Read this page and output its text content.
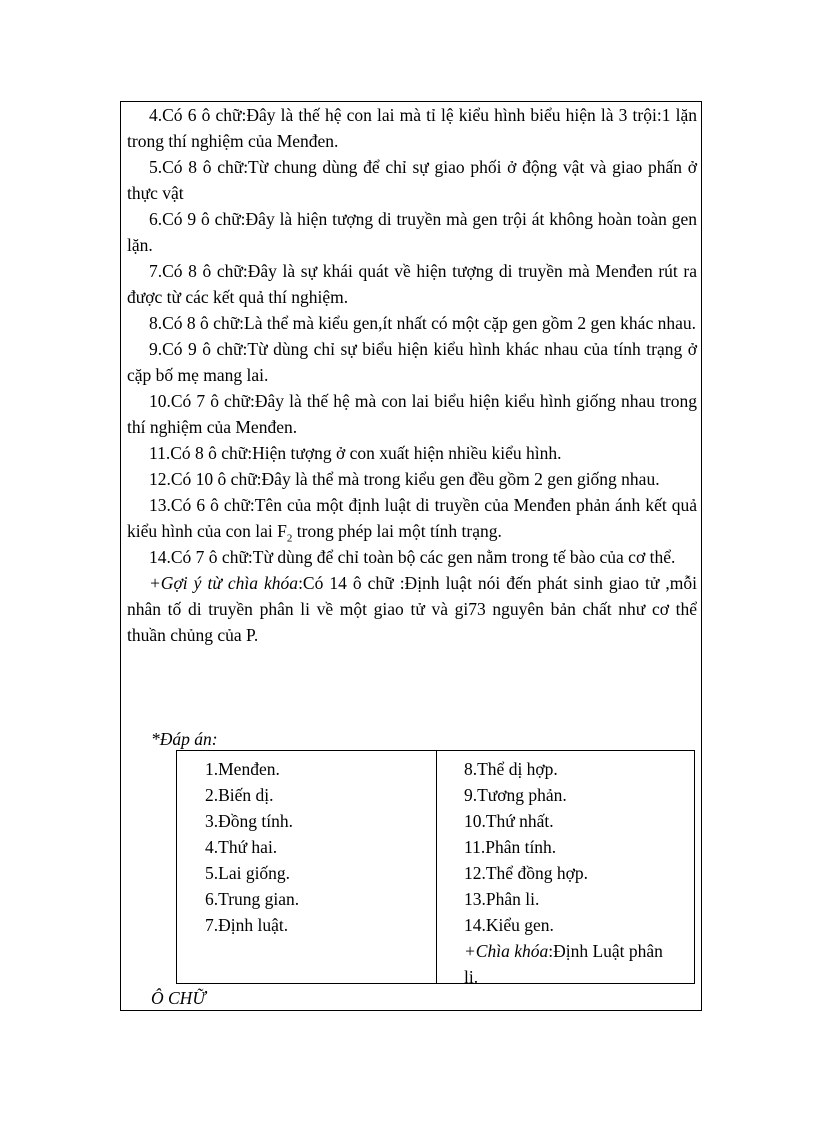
4.Có 6 ô chữ:Đây là thế hệ con lai mà tỉ lệ kiểu hình biểu hiện là 3 trội:1 lặn trong thí nghiệm của Menđen.

5.Có 8 ô chữ:Từ chung dùng để chỉ sự giao phối ở động vật và giao phấn ở thực vật

6.Có 9 ô chữ:Đây là hiện tượng di truyền mà gen trội át không hoàn toàn gen lặn.

7.Có 8 ô chữ:Đây là sự khái quát về hiện tượng di truyền mà Menđen rút ra được từ các kết quả thí nghiệm.

8.Có 8 ô chữ:Là thể mà kiểu gen,ít nhất có một cặp gen gồm 2 gen khác nhau.

9.Có 9 ô chữ:Từ dùng chỉ sự biểu hiện kiểu hình khác nhau của tính trạng ở cặp bố mẹ mang lai.

10.Có 7 ô chữ:Đây là thế hệ mà con lai biểu hiện kiểu hình giống nhau trong thí nghiệm của Menđen.

11.Có 8 ô chữ:Hiện tượng ở con xuất hiện nhiều kiểu hình.

12.Có 10 ô chữ:Đây là thể mà trong kiểu gen đều gồm 2 gen giống nhau.

13.Có 6 ô chữ:Tên của một định luật di truyền của Menđen phản ánh kết quả kiểu hình của con lai $F_2$ trong phép lai một tính trạng.

14.Có 7 ô chữ:Từ dùng để chỉ toàn bộ các gen nằm trong tế bào của cơ thể.

+Gợi ý từ chìa khóa:Có 14 ô chữ :Định luật nói đến phát sinh giao tử ,mỗi nhân tố di truyền phân li về một giao tử và gi73 nguyên bản chất như cơ thể thuần chủng của P.

*Đáp án:
1.Menđen.
2.Biến dị.
3.Đồng tính.
4.Thứ hai.
5.Lai giống.
6.Trung gian.
7.Định luật.
8.Thể dị hợp.
9.Tương phản.
10.Thứ nhất.
11.Phân tính.
12.Thể đồng hợp.
13.Phân li.
14.Kiểu gen.
+Chìa khóa:Định Luật phân
li.
Ô CHỮ
